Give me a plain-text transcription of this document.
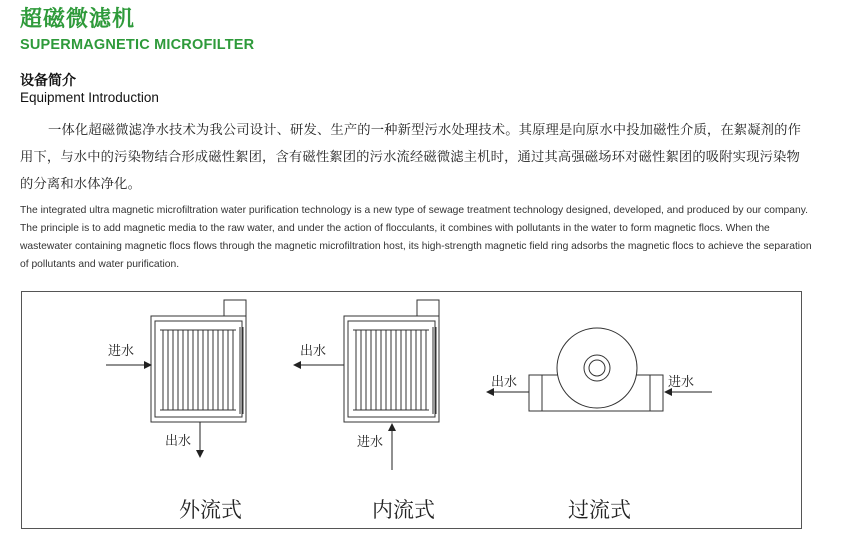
超磁微滤机
SUPERMAGNETIC MICROFILTER
设备简介
Equipment Introduction
一体化超磁微滤净水技术为我公司设计、研发、生产的一种新型污水处理技术。其原理是向原水中投加磁性介质，在絮凝剂的作用下，与水中的污染物结合形成磁性絮团，含有磁性絮团的污水流经磁微滤主机时，通过其高强磁场环对磁性絮团的吸附实现污染物的分离和水体净化。
The integrated ultra magnetic microfiltration water purification technology is a new type of sewage treatment technology designed, developed, and produced by our company. The principle is to add magnetic media to the raw water, and under the action of flocculants, it combines with pollutants in the water to form magnetic flocs. When the wastewater containing magnetic flocs flows through the magnetic microfiltration host, its high-strength magnetic field ring adsorbs the magnetic flocs to achieve the separation of pollutants and water purification.
进水
出水
外流式
出水
进水
内流式
出水	进水
过流式
